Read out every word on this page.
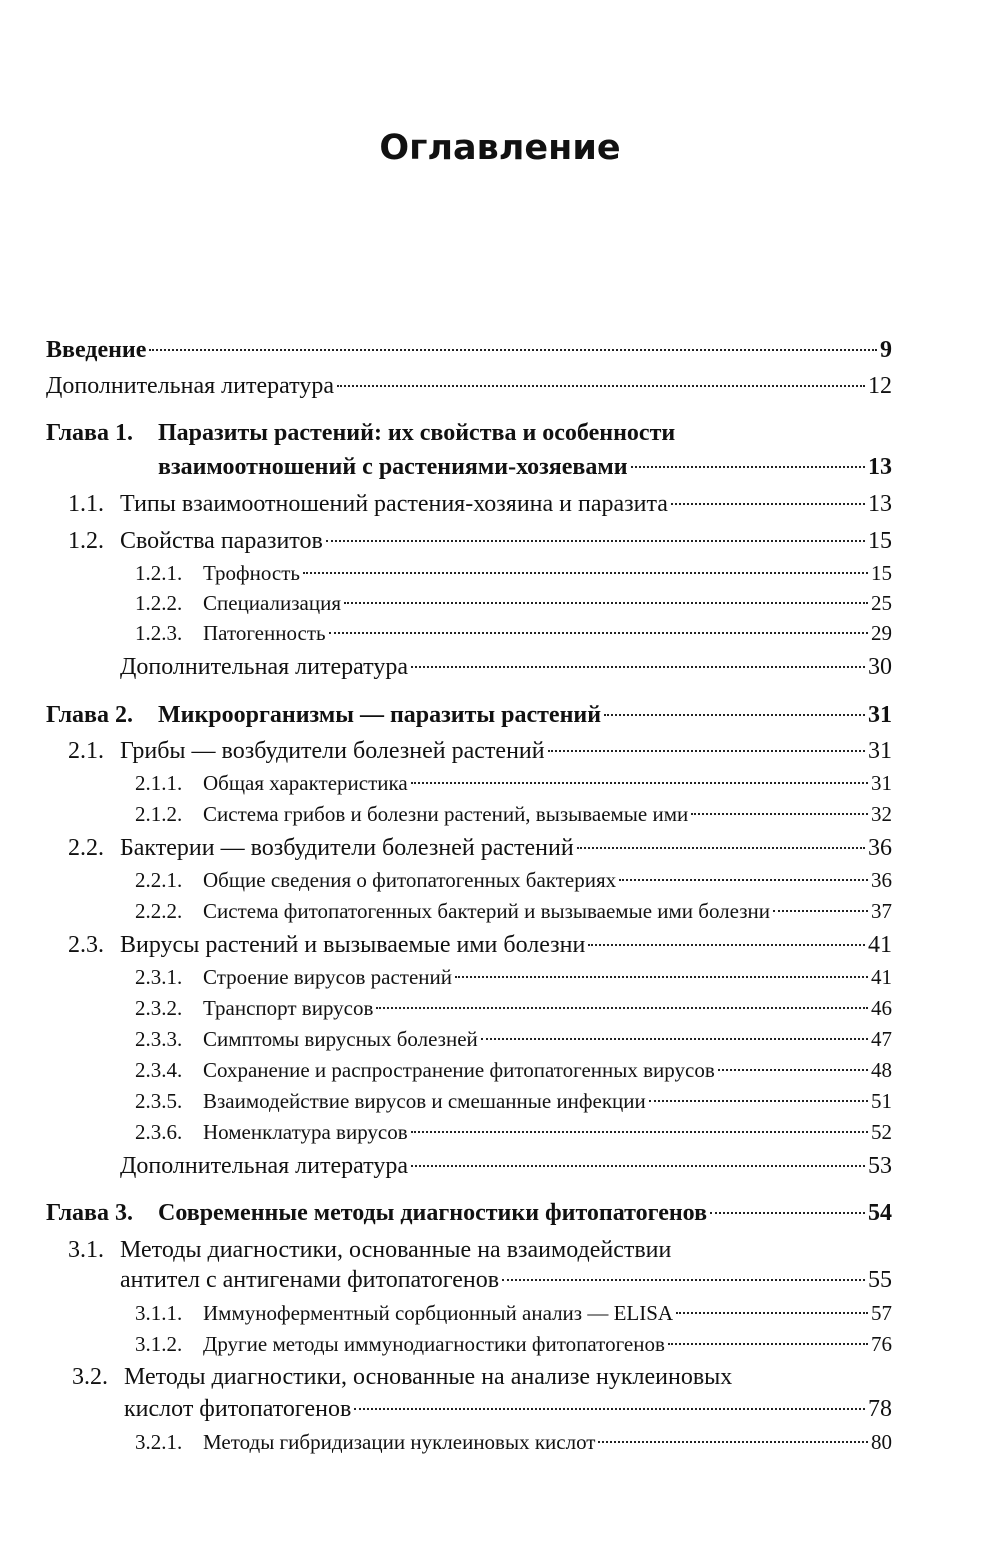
Оглавление
Введение	9
Дополнительная литература	12
Глава 1. Паразиты растений: их свойства и особенности
взаимоотношений с растениями-хозяевами	13
1.1. Типы взаимоотношений растения-хозяина и паразита	13
1.2. Свойства паразитов	15
1.2.1. Трофность	15
1.2.2. Специализация	25
1.2.3. Патогенность	29
Дополнительная литература	30
Глава 2.	Микроорганизмы — паразиты растений	31
2.1. Грибы — возбудители болезней растений	31
2.1.1. Общая характеристика	31
2.1.2. Система грибов и болезни растений, вызываемые ими	32
2.2. Бактерии — возбудители болезней растений	36
2.2.1. Общие сведения о фитопатогенных бактериях	36
2.2.2. Система фитопатогенных бактерий и вызываемые ими болезни	37
2.3. Вирусы растений и вызываемые ими болезни	41
2.3.1. Строение вирусов растений	41
2.3.2. Транспорт вирусов	46
2.3.3. Симптомы вирусных болезней	47
2.3.4. Сохранение и распространение фитопатогенных вирусов	48
2.3.5. Взаимодействие вирусов и смешанные инфекции	51
2.3.6. Номенклатура вирусов	52
Дополнительная литература	53
Глава 3.	Современные методы диагностики фитопатогенов	54
3.1. Методы диагностики, основанные на взаимодействии
антител с антигенами фитопатогенов	55
3.1.1. Иммуноферментный сорбционный анализ — ELISA	57
3.1.2. Другие методы иммунодиагностики фитопатогенов	76
3.2. Методы диагностики, основанные на анализе нуклеиновых
кислот фитопатогенов	78
3.2.1. Методы гибридизации нуклеиновых кислот	80
